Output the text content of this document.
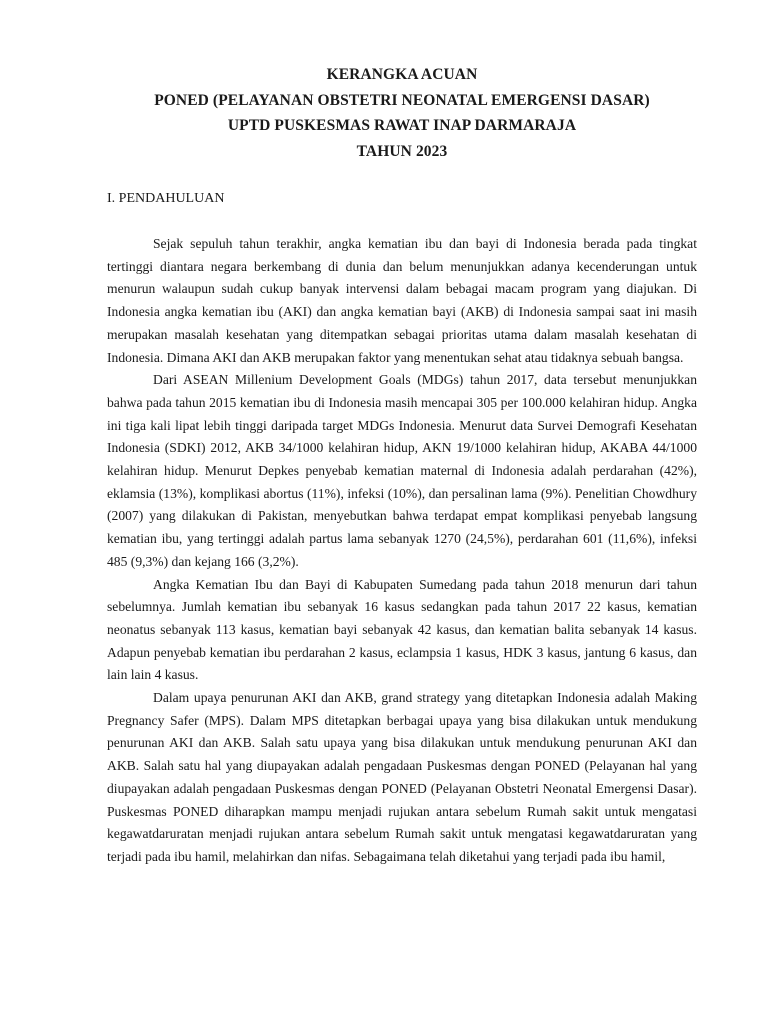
KERANGKA ACUAN
PONED (PELAYANAN OBSTETRI NEONATAL EMERGENSI DASAR)
UPTD PUSKESMAS RAWAT INAP DARMARAJA
TAHUN 2023
I. PENDAHULUAN

Sejak sepuluh tahun terakhir, angka kematian ibu dan bayi di Indonesia berada pada tingkat tertinggi diantara negara berkembang di dunia dan belum menunjukkan adanya kecenderungan untuk menurun walaupun sudah cukup banyak intervensi dalam bebagai macam program yang diajukan. Di Indonesia angka kematian ibu (AKI) dan angka kematian bayi (AKB) di Indonesia sampai saat ini masih merupakan masalah kesehatan yang ditempatkan sebagai prioritas utama dalam masalah kesehatan di Indonesia. Dimana AKI dan AKB merupakan faktor yang menentukan sehat atau tidaknya sebuah bangsa.

Dari ASEAN Millenium Development Goals (MDGs) tahun 2017, data tersebut menunjukkan bahwa pada tahun 2015 kematian ibu di Indonesia masih mencapai 305 per 100.000 kelahiran hidup. Angka ini tiga kali lipat lebih tinggi daripada target MDGs Indonesia. Menurut data Survei Demografi Kesehatan Indonesia (SDKI) 2012, AKB 34/1000 kelahiran hidup, AKN 19/1000 kelahiran hidup, AKABA 44/1000 kelahiran hidup. Menurut Depkes penyebab kematian maternal di Indonesia adalah perdarahan (42%), eklamsia (13%), komplikasi abortus (11%), infeksi (10%), dan persalinan lama (9%). Penelitian Chowdhury (2007) yang dilakukan di Pakistan, menyebutkan bahwa terdapat empat komplikasi penyebab langsung kematian ibu, yang tertinggi adalah partus lama sebanyak 1270 (24,5%), perdarahan 601 (11,6%), infeksi 485 (9,3%) dan kejang 166 (3,2%).

Angka Kematian Ibu dan Bayi di Kabupaten Sumedang pada tahun 2018 menurun dari tahun sebelumnya. Jumlah kematian ibu sebanyak 16 kasus sedangkan pada tahun 2017 22 kasus, kematian neonatus sebanyak 113 kasus, kematian bayi sebanyak 42 kasus, dan kematian balita sebanyak 14 kasus. Adapun penyebab kematian ibu perdarahan 2 kasus, eclampsia 1 kasus, HDK 3 kasus, jantung 6 kasus, dan lain lain 4 kasus.

Dalam upaya penurunan AKI dan AKB, grand strategy yang ditetapkan Indonesia adalah Making Pregnancy Safer (MPS). Dalam MPS ditetapkan berbagai upaya yang bisa dilakukan untuk mendukung penurunan AKI dan AKB. Salah satu upaya yang bisa dilakukan untuk mendukung penurunan AKI dan AKB. Salah satu hal yang diupayakan adalah pengadaan Puskesmas dengan PONED (Pelayanan hal yang diupayakan adalah pengadaan Puskesmas dengan PONED (Pelayanan Obstetri Neonatal Emergensi Dasar). Puskesmas PONED diharapkan mampu menjadi rujukan antara sebelum Rumah sakit untuk mengatasi kegawatdaruratan menjadi rujukan antara sebelum Rumah sakit untuk mengatasi kegawatdaruratan yang terjadi pada ibu hamil, melahirkan dan nifas. Sebagaimana telah diketahui yang terjadi pada ibu hamil,
